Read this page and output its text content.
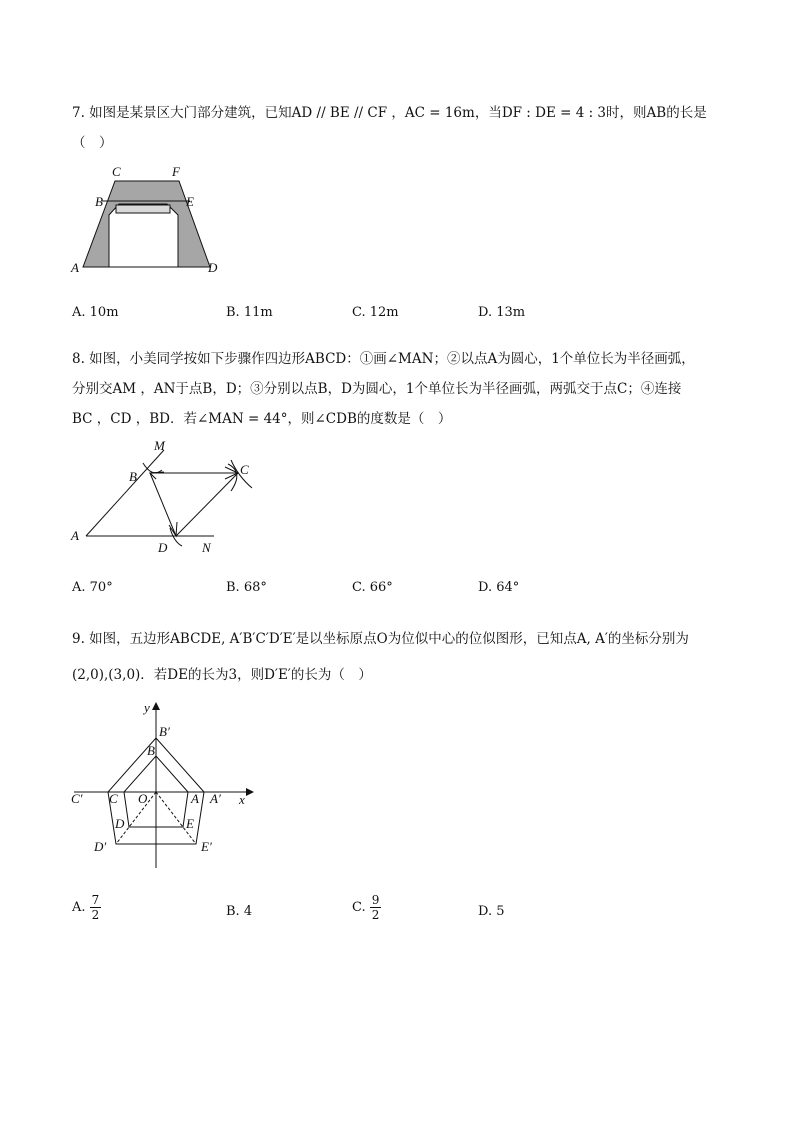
7. 如图是某景区大门部分建筑，已知AD // BE // CF ，AC = 16m，当DF : DE = 4 : 3时，则AB的长是
（　）
C	F
B	E
A	D
A. 10m	B. 11m	C. 12m	D. 13m
8. 如图，小美同学按如下步骤作四边形ABCD：①画∠MAN；②以点A为圆心，1个单位长为半径画弧，
分别交AM ，AN于点B，D；③分别以点B，D为圆心，1个单位长为半径画弧，两弧交于点C；④连接
BC ，CD ，BD．若∠MAN = 44°，则∠CDB的度数是（　）
M
B	C
A
D	N
A. 70°	B. 68°	C. 66°	D. 64°
9. 如图，五边形ABCDE, A′B′C′D′E′是以坐标原点O为位似中心的位似图形，已知点A, A′的坐标分别为
(2,0),(3,0)．若DE的长为3，则D′E′的长为（　）
y
x
B′
B
C′ C O	A A′
D	E
D′	E′
A. $\frac{7}{2}$	B. 4	C. $\frac{9}{2}$	D. 5
